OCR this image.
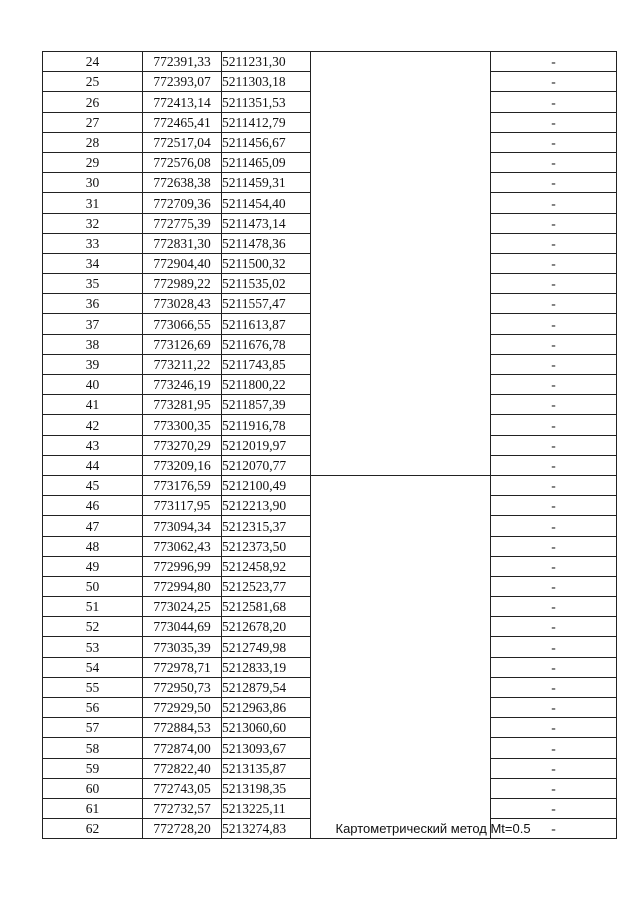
24	772391,33	5211231,30		-
25	772393,07	5211303,18		-
26	772413,14	5211351,53		-
27	772465,41	5211412,79		-
28	772517,04	5211456,67		-
29	772576,08	5211465,09		-
30	772638,38	5211459,31		-
31	772709,36	5211454,40		-
32	772775,39	5211473,14		-
33	772831,30	5211478,36		-
34	772904,40	5211500,32		-
35	772989,22	5211535,02		-
36	773028,43	5211557,47		-
37	773066,55	5211613,87		-
38	773126,69	5211676,78		-
39	773211,22	5211743,85		-
40	773246,19	5211800,22		-
41	773281,95	5211857,39		-
42	773300,35	5211916,78		-
43	773270,29	5212019,97		-
44	773209,16	5212070,77		-
45	773176,59	5212100,49	Картометрический метод Mt=0.5	-
46	773117,95	5212213,90		-
47	773094,34	5212315,37		-
48	773062,43	5212373,50		-
49	772996,99	5212458,92		-
50	772994,80	5212523,77		-
51	773024,25	5212581,68		-
52	773044,69	5212678,20		-
53	773035,39	5212749,98		-
54	772978,71	5212833,19		-
55	772950,73	5212879,54		-
56	772929,50	5212963,86		-
57	772884,53	5213060,60		-
58	772874,00	5213093,67		-
59	772822,40	5213135,87		-
60	772743,05	5213198,35		-
61	772732,57	5213225,11		-
62	772728,20	5213274,83		-
